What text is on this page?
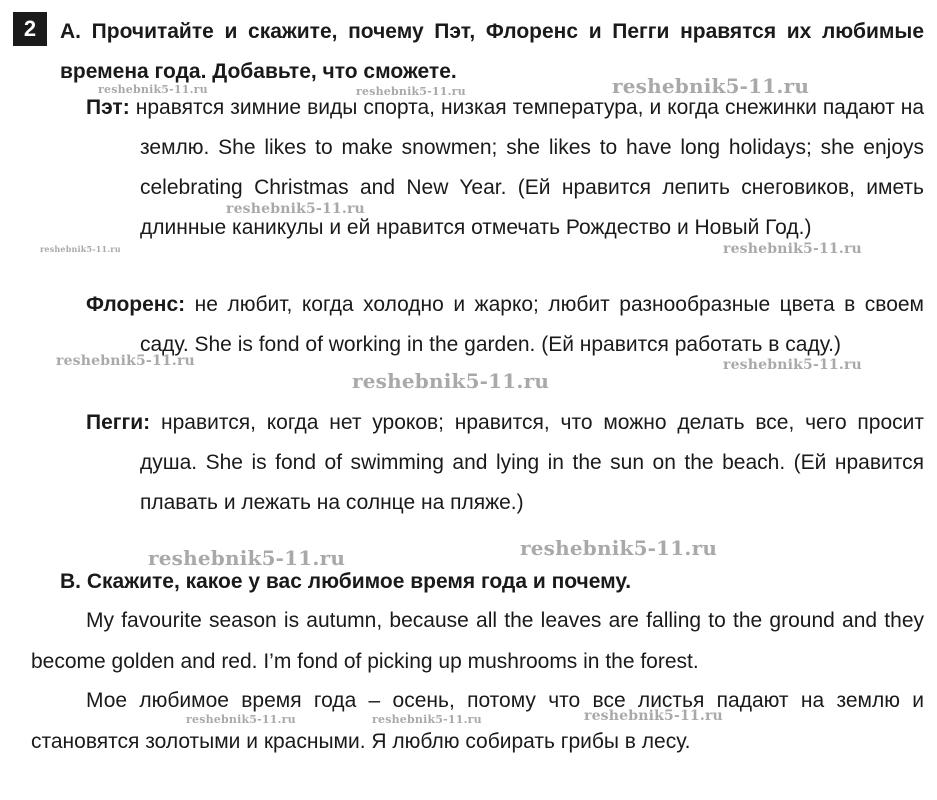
2	A. Прочитайте и скажите, почему Пэт, Флоренс и Пегги нравятся их любимые времена года. Добавьте, что сможете.
Пэт: нравятся зимние виды спорта, низкая температура, и когда снежинки падают на землю. She likes to make snowmen; she likes to have long holidays; she enjoys celebrating Christmas and New Year. (Ей нравится лепить снеговиков, иметь длинные каникулы и ей нравится отмечать Рождество и Новый Год.)
Флоренс: не любит, когда холодно и жарко; любит разнообразные цвета в своем саду. She is fond of working in the garden. (Ей нравится работать в саду.)
Пегги: нравится, когда нет уроков; нравится, что можно делать все, чего просит душа. She is fond of swimming and lying in the sun on the beach. (Ей нравится плавать и лежать на солнце на пляже.)
B. Скажите, какое у вас любимое время года и почему.
My favourite season is autumn, because all the leaves are falling to the ground and they become golden and red. I’m fond of picking up mushrooms in the forest.
Мое любимое время года – осень, потому что все листья падают на землю и становятся золотыми и красными. Я люблю собирать грибы в лесу.
reshebnik5-11.ru
reshebnik5-11.ru	reshebnik5-11.ru
reshebnik5-11.ru
reshebnik5-11.ru	reshebnik5-11.ru
reshebnik5-11.ru	reshebnik5-11.ru
reshebnik5-11.ru
reshebnik5-11.ru
reshebnik5-11.ru
reshebnik5-11.ru	reshebnik5-11.ru	reshebnik5-11.ru
